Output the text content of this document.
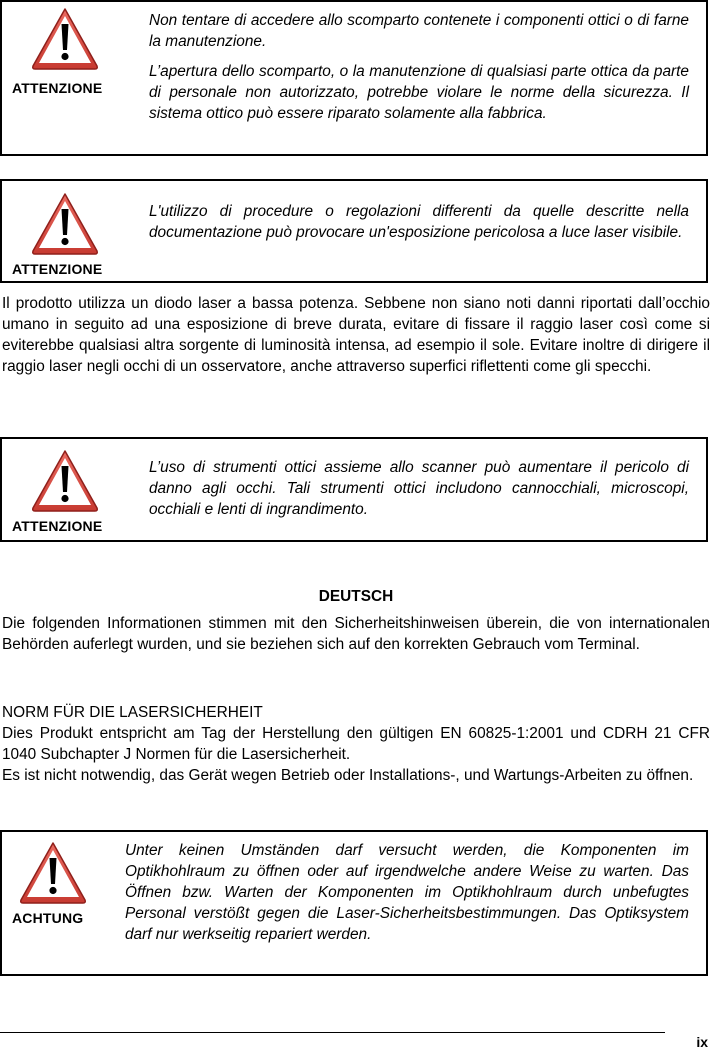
ATTENZIONE

Non tentare di accedere allo scomparto contenete i componenti ottici o di farne la manutenzione.

L’apertura dello scomparto, o la manutenzione di qualsiasi parte ottica da parte di personale non autorizzato, potrebbe violare le norme della sicurezza. Il sistema ottico può essere riparato solamente alla fabbrica.

ATTENZIONE

L'utilizzo di procedure o regolazioni differenti da quelle descritte nella documentazione può provocare un'esposizione pericolosa a luce laser visibile.

Il prodotto utilizza un diodo laser a bassa potenza. Sebbene non siano noti danni riportati dall’occhio umano in seguito ad una esposizione di breve durata, evitare di fissare il raggio laser così come si eviterebbe qualsiasi altra sorgente di luminosità intensa, ad esempio il sole. Evitare inoltre di dirigere il raggio laser negli occhi di un osservatore, anche attraverso superfici riflettenti come gli specchi.

ATTENZIONE

L’uso di strumenti ottici assieme allo scanner può aumentare il pericolo di danno agli occhi. Tali strumenti ottici includono cannocchiali, microscopi, occhiali e lenti di ingrandimento.

DEUTSCH

Die folgenden Informationen stimmen mit den Sicherheitshinweisen überein, die von internationalen Behörden auferlegt wurden, und sie beziehen sich auf den korrekten Gebrauch vom Terminal.

NORM FÜR DIE LASERSICHERHEIT

Dies Produkt entspricht am Tag der Herstellung den gültigen EN 60825-1:2001 und CDRH 21 CFR 1040 Subchapter J Normen für die Lasersicherheit.

Es ist nicht notwendig, das Gerät wegen Betrieb oder Installations-, und Wartungs-Arbeiten zu öffnen.

ACHTUNG

Unter keinen Umständen darf versucht werden, die Komponenten im Optikhohlraum zu öffnen oder auf irgendwelche andere Weise zu warten. Das Öffnen bzw. Warten der Komponenten im Optikhohlraum durch unbefugtes Personal verstößt gegen die Laser-Sicherheitsbestimmungen. Das Optiksystem darf nur werkseitig repariert werden.

ix
